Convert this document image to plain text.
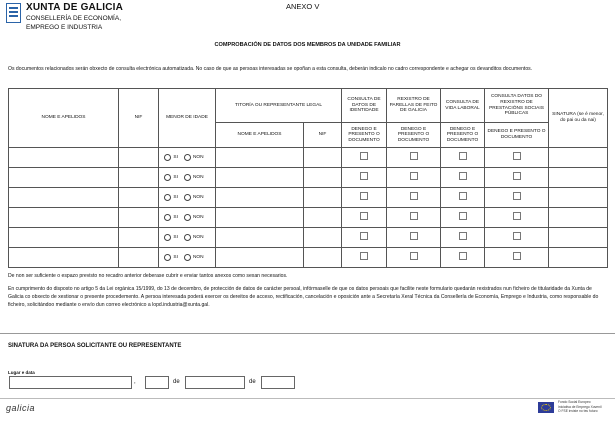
XUNTA DE GALICIA
CONSELLERÍA DE ECONOMÍA,
EMPREGO E INDUSTRIA
ANEXO V
COMPROBACIÓN DE DATOS DOS MEMBROS DA UNIDADE FAMILIAR
Os documentos relacionados serán obxecto de consulta electrónica automatizada. No caso de que as persoas interesadas se opoñan a esta consulta, deberán indicalo no cadro correspondente e achegar os devanditos documentos.
NOME E APELIDOS	NIF	MENOR DE IDADE	TITORÍA OU REPRESENTANTE LEGAL		CONSULTA DE DATOS DE IDENTIDADE	REXISTRO DE PARELLAS DE FEITO DE GALICIA	CONSULTA DE VIDA LABORAL	CONSULTA DATOS DO REXISTRO DE PRESTACIÓNS SOCIAIS PÚBLICAS	SINATURA (se é menor, do pai ou da nai)
			NOME E APELIDOS	NIF	DENEGO E PRESENTO O DOCUMENTO	DENEGO E PRESENTO O DOCUMENTO	DENEGO E PRESENTO O DOCUMENTO	DENEGO E PRESENTO O DOCUMENTO	
		SI NON							
		SI NON							
		SI NON							
		SI NON							
		SI NON							
		SI NON							
De non ser suficiente o espazo previsto no recadro anterior deberase cubrir e enviar tantos anexos como sexan necesarios.
En cumprimento do disposto no artigo 5 da Lei orgánica 15/1999, do 13 de decembro, de protección de datos de carácter persoal, infórmaselle de que os datos persoais que facilite neste formulario quedarán rexistrados nun ficheiro de titularidade da Xunta de Galicia co obxecto de xestionar o presente procedemento. A persoa interesada poderá exercer os dereitos de acceso, rectificación, cancelación e oposición ante a Secretaría Xeral Técnica da Consellería de Economía, Emprego e Industria, como responsable do ficheiro, solicitándoo mediante o envío dun correo electrónico a lopd.industria@xunta.gal.
SINATURA DA PERSOA SOLICITANTE OU REPRESENTANTE
Lugar e data
,	de	de
galicia
Fondo Social Europeo
Iniciativa de Emprego Xuvenil
O FSE inviste no teu futuro
